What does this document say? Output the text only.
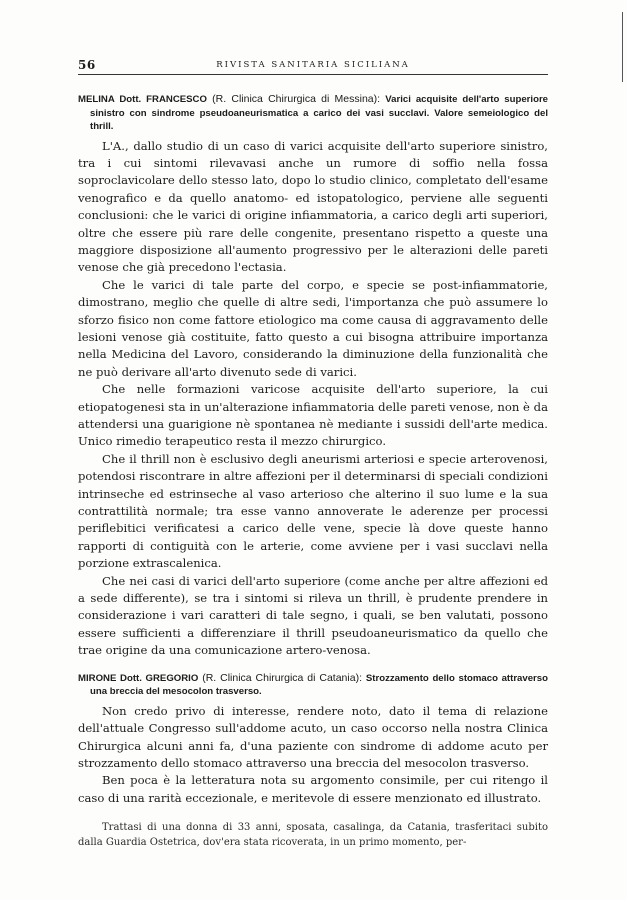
56	RIVISTA SANITARIA SICILIANA

MELINA Dott. FRANCESCO (R. Clinica Chirurgica di Messina): Varici acquisite dell'arto superiore sinistro con sindrome pseudoaneurismatica a carico dei vasi succlavi. Valore semeiologico del thrill.

L'A., dallo studio di un caso di varici acquisite dell'arto superiore sinistro, tra i cui sintomi rilevavasi anche un rumore di soffio nella fossa soproclavicolare dello stesso lato, dopo lo studio clinico, completato dell'esame venografico e da quello anatomo- ed istopatologico, perviene alle seguenti conclusioni: che le varici di origine infiammatoria, a carico degli arti superiori, oltre che essere più rare delle congenite, presentano rispetto a queste una maggiore disposizione all'aumento progressivo per le alterazioni delle pareti venose che già precedono l'ectasia.

Che le varici di tale parte del corpo, e specie se post-infiammatorie, dimostrano, meglio che quelle di altre sedi, l'importanza che può assumere lo sforzo fisico non come fattore etiologico ma come causa di aggravamento delle lesioni venose già costituite, fatto questo a cui bisogna attribuire importanza nella Medicina del Lavoro, considerando la diminuzione della funzionalità che ne può derivare all'arto divenuto sede di varici.

Che nelle formazioni varicose acquisite dell'arto superiore, la cui etiopatogenesi sta in un'alterazione infiammatoria delle pareti venose, non è da attendersi una guarigione nè spontanea nè mediante i sussidi dell'arte medica. Unico rimedio terapeutico resta il mezzo chirurgico.

Che il thrill non è esclusivo degli aneurismi arteriosi e specie arterovenosi, potendosi riscontrare in altre affezioni per il determinarsi di speciali condizioni intrinseche ed estrinseche al vaso arterioso che alterino il suo lume e la sua contrattilità normale; tra esse vanno annoverate le aderenze per processi periflebitici verificatesi a carico delle vene, specie là dove queste hanno rapporti di contiguità con le arterie, come avviene per i vasi succlavi nella porzione extrascalenica.

Che nei casi di varici dell'arto superiore (come anche per altre affezioni ed a sede differente), se tra i sintomi si rileva un thrill, è prudente prendere in considerazione i vari caratteri di tale segno, i quali, se ben valutati, possono essere sufficienti a differenziare il thrill pseudoaneurismatico da quello che trae origine da una comunicazione artero-venosa.

MIRONE Dott. GREGORIO (R. Clinica Chirurgica di Catania): Strozzamento dello stomaco attraverso una breccia del mesocolon trasverso.

Non credo privo di interesse, rendere noto, dato il tema di relazione dell'attuale Congresso sull'addome acuto, un caso occorso nella nostra Clinica Chirurgica alcuni anni fa, d'una paziente con sindrome di addome acuto per strozzamento dello stomaco attraverso una breccia del mesocolon trasverso.

Ben poca è la letteratura nota su argomento consimile, per cui ritengo il caso di una rarità eccezionale, e meritevole di essere menzionato ed illustrato.

Trattasi di una donna di 33 anni, sposata, casalinga, da Catania, trasferitaci subito dalla Guardia Ostetrica, dov'era stata ricoverata, in un primo momento, per-
